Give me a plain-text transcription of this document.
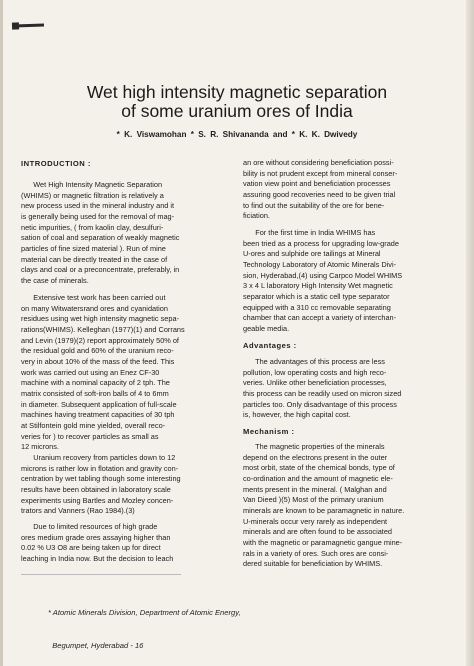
Wet high intensity magnetic separation
of some uranium ores of India
* K. Viswamohan * S. R. Shivananda and * K. K. Dwivedy
INTRODUCTION :
Wet High Intensity Magnetic Separation
(WHIMS) or magnetic filtration is relatively a
new process used in the mineral industry and it
is generally being used for the removal of mag-
netic impurities, ( from kaolin clay, desulfuri-
sation of coal and separation of weakly magnetic
particles of fine sized material ). Run of mine
material can be directly treated in the case of
clays and coal or a preconcentrate, preferably, in
the case of minerals.
Extensive test work has been carried out
on many Witwatersrand ores and cyanidation
residues using wet high intensity magnetic sepa-
rations(WHIMS). Kelleghan (1977)(1) and Corrans
and Levin (1979)(2) report approximately 50% of
the residual gold and 60% of the uranium reco-
very in about 10% of the mass of the feed. This
work was carried out using an Enez CF-30
machine with a nominal capacity of 2 tph. The
matrix consisted of soft-iron balls of 4 to 6mm
in diameter. Subsequent application of full-scale
machines having treatment capacities of 30 tph
at Stilfontein gold mine yielded, overall reco-
veries for ) to recover particles as small as
12 microns.
Uranium recovery from particles down to 12
microns is rather low in flotation and gravity con-
centration by wet tabling though some interesting
results have been obtained in laboratory scale
experiments using Bartles and Mozley concen-
trators and Vanners (Rao 1984).(3)
Due to limited resources of high grade
ores medium grade ores assaying higher than
0.02 % U3 O8 are being taken up for direct
leaching in India now. But the decision to leach
an ore without considering beneficiation possi-
bility is not prudent except from mineral conser-
vation view point and beneficiation processes
assuring good recoveries need to be given trial
to find out the suitability of the ore for bene-
ficiation.
For the first time in India WHIMS has
been tried as a process for upgrading low-grade
U-ores and sulphide ore tailings at Mineral
Technology Laboratory of Atomic Minerals Divi-
sion, Hyderabad,(4) using Carpco Model WHIMS
3 x 4 L laboratory High Intensity Wet magnetic
separator which is a static cell type separator
equipped with a 310 cc removable separating
chamber that can accept a variety of interchan-
geable media.
Advantages :
The advantages of this process are less
pollution, low operating costs and high reco-
veries. Unlike other beneficiation processes,
this process can be readily used on micron sized
particles too. Only disadvantage of this process
is, however, the high capital cost.
Mechanism :
The magnetic properties of the minerals
depend on the electrons present in the outer
most orbit, state of the chemical bonds, type of
co-ordination and the amount of magnetic ele-
ments present in the mineral. ( Malghan and
Van Dieed )(5) Most of the primary uranium
minerals are known to be paramagnetic in nature.
U-minerals occur very rarely as independent
minerals and are often found to be associated
with the magnetic or paramagnetic gangue mine-
rals in a variety of ores. Such ores are consi-
dered suitable for beneficiation by WHIMS.

* Atomic Minerals Division, Department of Atomic Energy,

Begumpet, Hyderabad - 16
